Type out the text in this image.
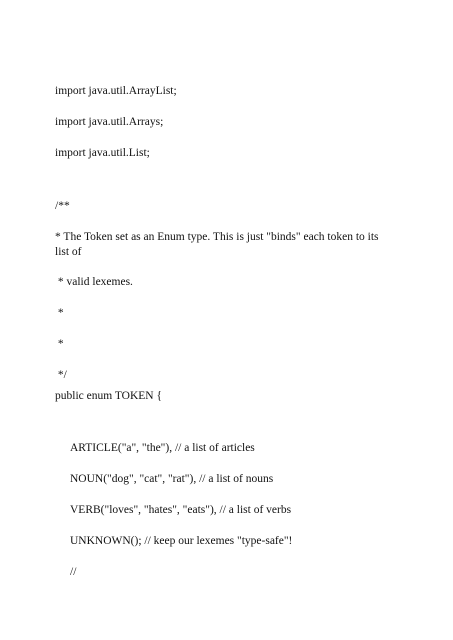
import java.util.ArrayList;
import java.util.Arrays;
import java.util.List;
/**
* The Token set as an Enum type. This is just "binds" each token to its list of
* valid lexemes.
*
*
*/
public enum TOKEN {
ARTICLE("a", "the"), // a list of articles
NOUN("dog", "cat", "rat"), // a list of nouns
VERB("loves", "hates", "eats"), // a list of verbs
UNKNOWN(); // keep our lexemes "type-safe"!
//
